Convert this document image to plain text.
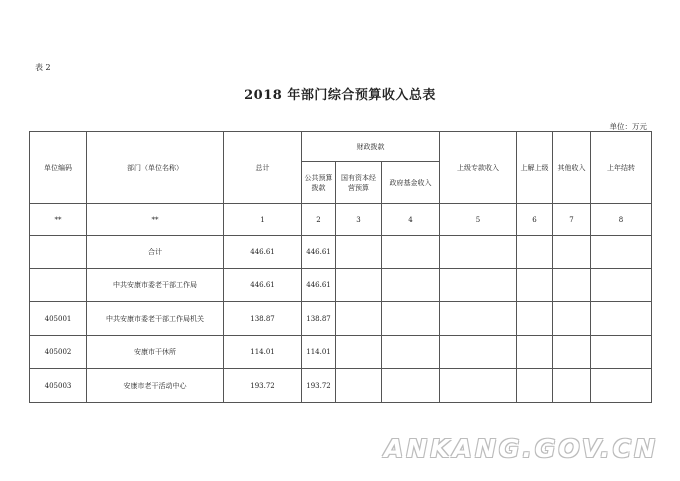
表 2
2018 年部门综合预算收入总表
单位：万元
单位编码	部门（单位名称）	总计	财政拨款			上级专款收入	上解上级	其他收入	上年结转
			公共预算拨款	国有资本经营预算	政府基金收入				
**	**	1	2	3	4	5	6	7	8
	合计	446.61	446.61						
	中共安康市委老干部工作局	446.61	446.61						
405001	中共安康市委老干部工作局机关	138.87	138.87						
405002	安康市干休所	114.01	114.01						
405003	安康市老干活动中心	193.72	193.72						
ANKANG.GOV.CN
